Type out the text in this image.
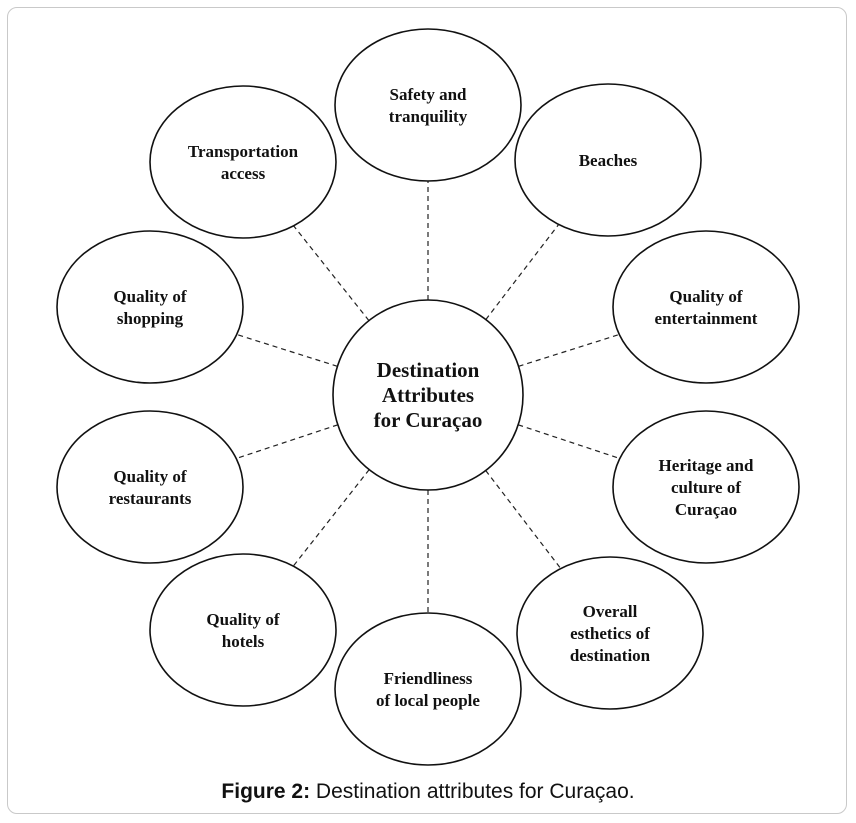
Destination
Attributes
for Curaçao
Safety and
tranquility
Beaches
Quality of
entertainment
Heritage and
culture of
Curaçao
Overall
esthetics of
destination
Friendliness
of local people
Quality of
hotels
Quality of
restaurants
Quality of
shopping
Transportation
access
Figure 2: Destination attributes for Curaçao.
